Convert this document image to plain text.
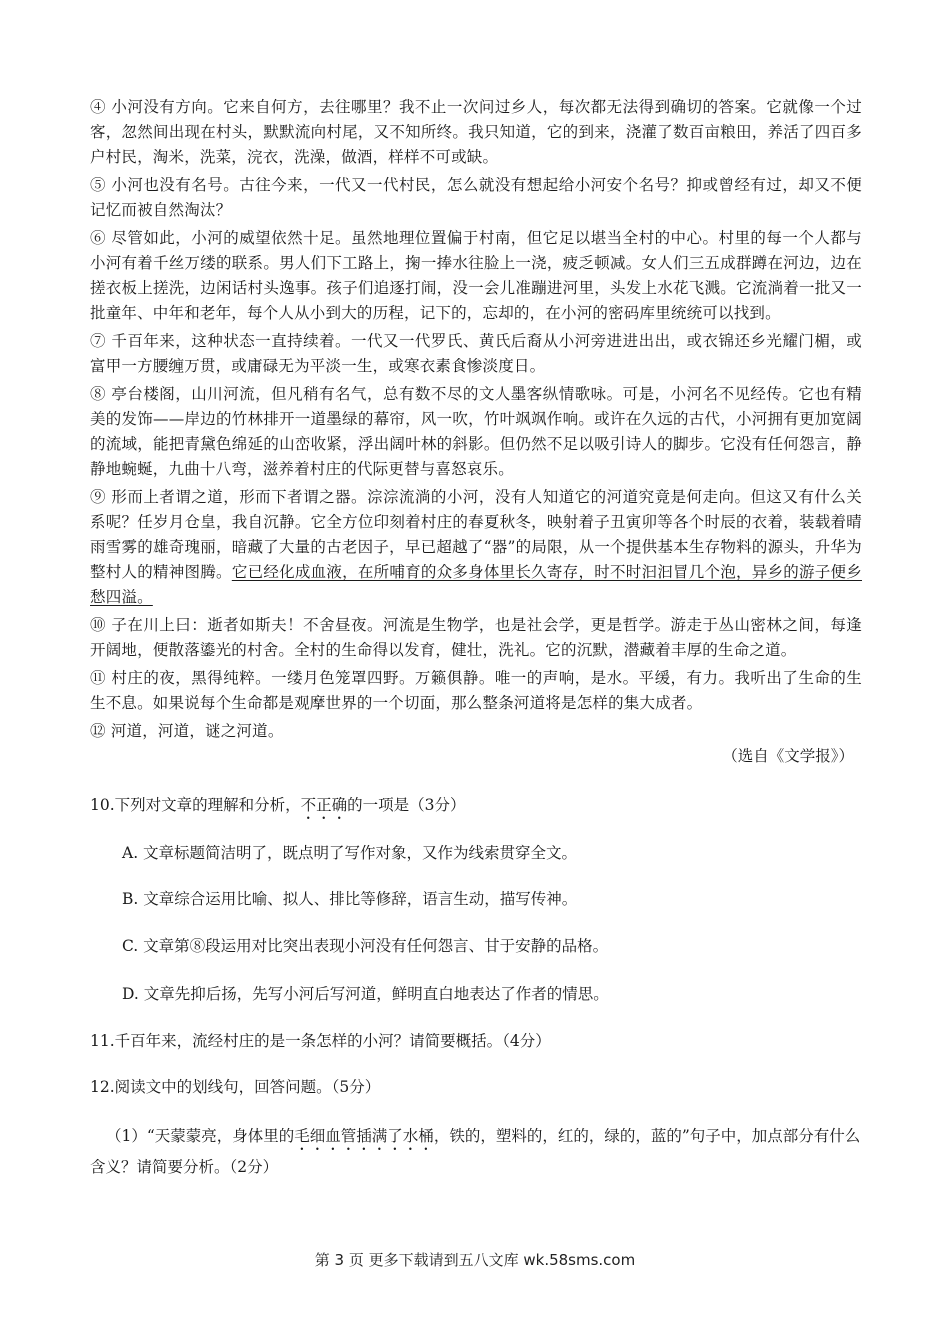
④ 小河没有方向。它来自何方，去往哪里？我不止一次问过乡人，每次都无法得到确切的答案。它就像一个过客，忽然间出现在村头，默默流向村尾，又不知所终。我只知道，它的到来，浇灌了数百亩粮田，养活了四百多户村民，淘米，洗菜，浣衣，洗澡，做酒，样样不可或缺。

⑤ 小河也没有名号。古往今来，一代又一代村民，怎么就没有想起给小河安个名号？抑或曾经有过，却又不便记忆而被自然淘汰？

⑥ 尽管如此，小河的威望依然十足。虽然地理位置偏于村南，但它足以堪当全村的中心。村里的每一个人都与小河有着千丝万缕的联系。男人们下工路上，掬一捧水往脸上一浇，疲乏顿减。女人们三五成群蹲在河边，边在搓衣板上搓洗，边闲话村头逸事。孩子们追逐打闹，没一会儿准蹦进河里，头发上水花飞溅。它流淌着一批又一批童年、中年和老年，每个人从小到大的历程，记下的，忘却的，在小河的密码库里统统可以找到。

⑦ 千百年来，这种状态一直持续着。一代又一代罗氏、黄氏后裔从小河旁进进出出，或衣锦还乡光耀门楣，或富甲一方腰缠万贯，或庸碌无为平淡一生，或寒衣素食惨淡度日。

⑧ 亭台楼阁，山川河流，但凡稍有名气，总有数不尽的文人墨客纵情歌咏。可是，小河名不见经传。它也有精美的发饰——岸边的竹林排开一道墨绿的幕帘，风一吹，竹叶飒飒作响。或许在久远的古代，小河拥有更加宽阔的流域，能把青黛色绵延的山峦收紧，浮出阔叶林的斜影。但仍然不足以吸引诗人的脚步。它没有任何怨言，静静地蜿蜒，九曲十八弯，滋养着村庄的代际更替与喜怒哀乐。

⑨ 形而上者谓之道，形而下者谓之器。淙淙流淌的小河，没有人知道它的河道究竟是何走向。但这又有什么关系呢？任岁月仓皇，我自沉静。它全方位印刻着村庄的春夏秋冬，映射着子丑寅卯等各个时辰的衣着，装载着晴雨雪雾的雄奇瑰丽，暗藏了大量的古老因子，早已超越了“器”的局限，从一个提供基本生存物料的源头，升华为整村人的精神图腾。它已经化成血液，在所哺育的众多身体里长久寄存，时不时汩汩冒几个泡，异乡的游子便乡愁四溢。

⑩ 子在川上曰：逝者如斯夫！不舍昼夜。河流是生物学，也是社会学，更是哲学。游走于丛山密林之间，每逢开阔地，便散落鎏光的村舍。全村的生命得以发育，健壮，洗礼。它的沉默，潜藏着丰厚的生命之道。

⑪ 村庄的夜，黑得纯粹。一缕月色笼罩四野。万籁俱静。唯一的声响，是水。平缓，有力。我听出了生命的生生不息。如果说每个生命都是观摩世界的一个切面，那么整条河道将是怎样的集大成者。

⑫ 河道，河道，谜之河道。

（选自《文学报》）
10.下列对文章的理解和分析，不正确的一项是（3分）
A. 文章标题简洁明了，既点明了写作对象，又作为线索贯穿全文。
B. 文章综合运用比喻、拟人、排比等修辞，语言生动，描写传神。
C. 文章第⑧段运用对比突出表现小河没有任何怨言、甘于安静的品格。
D. 文章先抑后扬，先写小河后写河道，鲜明直白地表达了作者的情思。
11.千百年来，流经村庄的是一条怎样的小河？请简要概括。（4分）
12.阅读文中的划线句，回答问题。（5分）
（1）“天蒙蒙亮，身体里的毛细血管插满了水桶，铁的，塑料的，红的，绿的，蓝的”句子中，加点部分有什么含义？请简要分析。（2分）
第 3 页 更多下载请到五八文库 wk.58sms.com
